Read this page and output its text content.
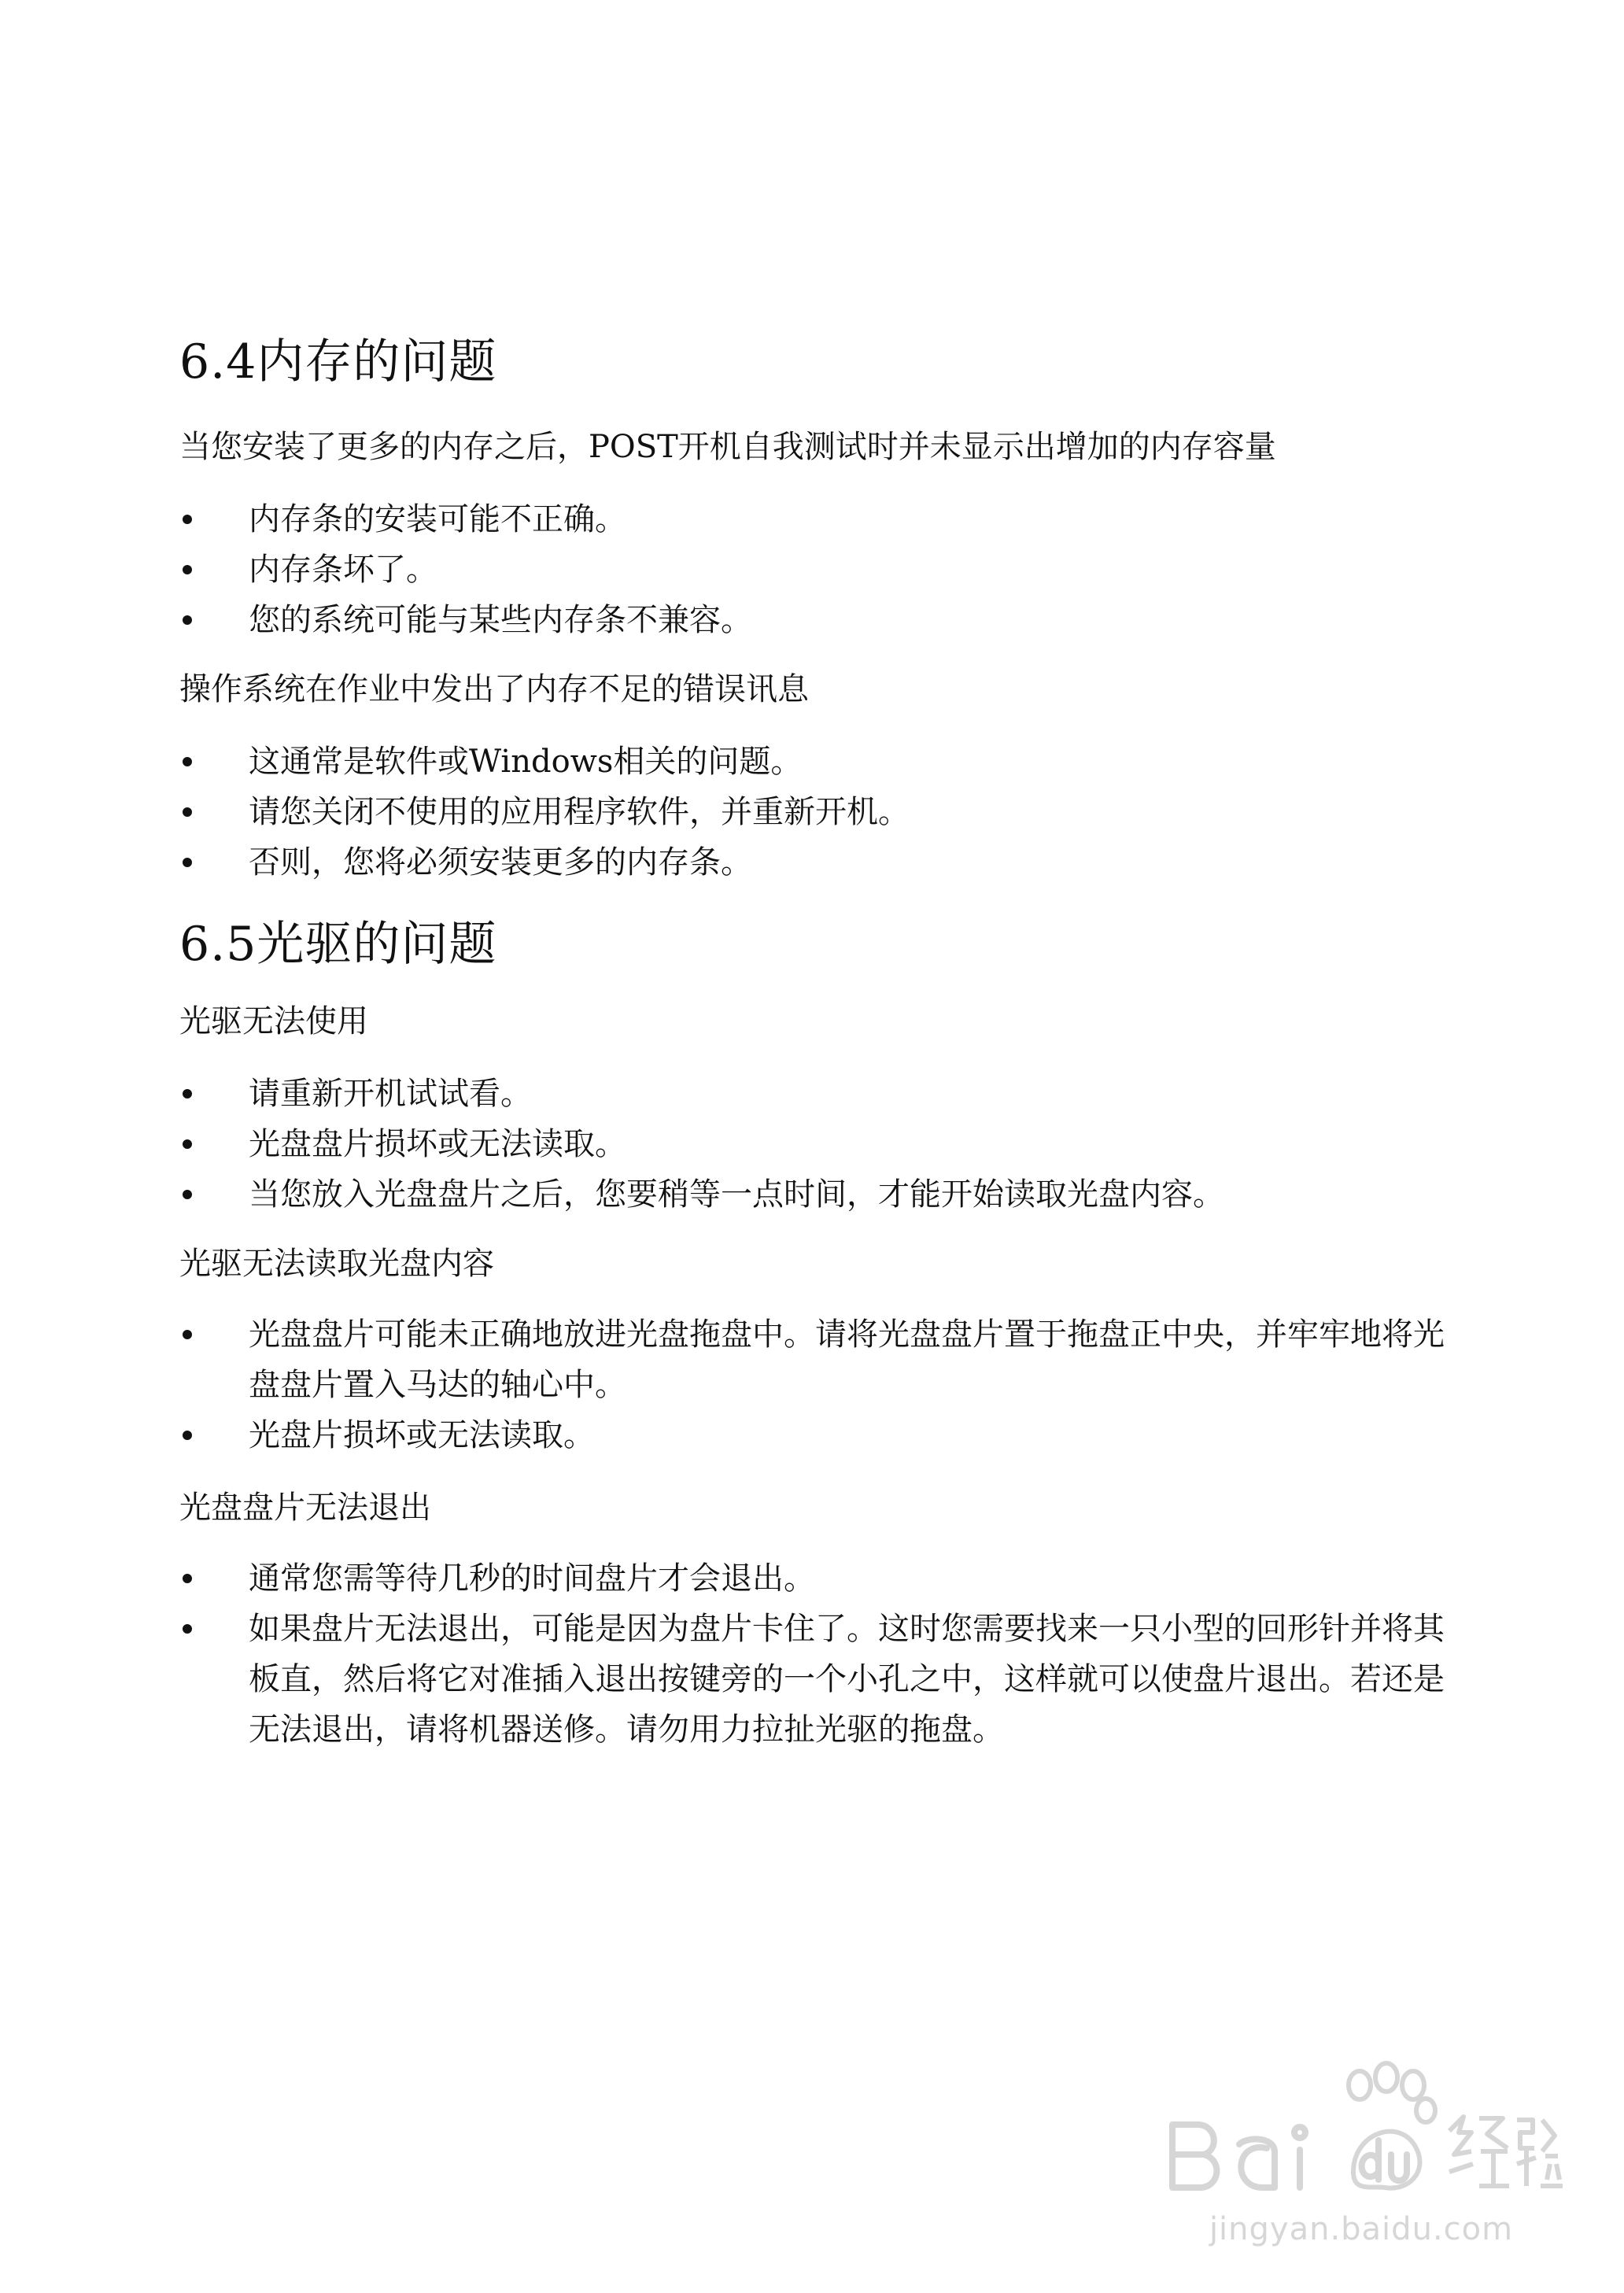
6.4内存的问题

当您安装了更多的内存之后，POST开机自我测试时并未显示出增加的内存容量

内存条的安装可能不正确。
内存条坏了。
您的系统可能与某些内存条不兼容。

操作系统在作业中发出了内存不足的错误讯息

这通常是软件或Windows相关的问题。
请您关闭不使用的应用程序软件，并重新开机。
否则，您将必须安装更多的内存条。
6.5光驱的问题

光驱无法使用

请重新开机试试看。
光盘盘片损坏或无法读取。
当您放入光盘盘片之后，您要稍等一点时间，才能开始读取光盘内容。

光驱无法读取光盘内容

光盘盘片可能未正确地放进光盘拖盘中。请将光盘盘片置于拖盘正中央，并牢牢地将光盘盘片置入马达的轴心中。
光盘片损坏或无法读取。

光盘盘片无法退出

通常您需等待几秒的时间盘片才会退出。
如果盘片无法退出，可能是因为盘片卡住了。这时您需要找来一只小型的回形针并将其板直，然后将它对准插入退出按键旁的一个小孔之中，这样就可以使盘片退出。若还是无法退出，请将机器送修。请勿用力拉扯光驱的拖盘。
jingyan.baidu.com
